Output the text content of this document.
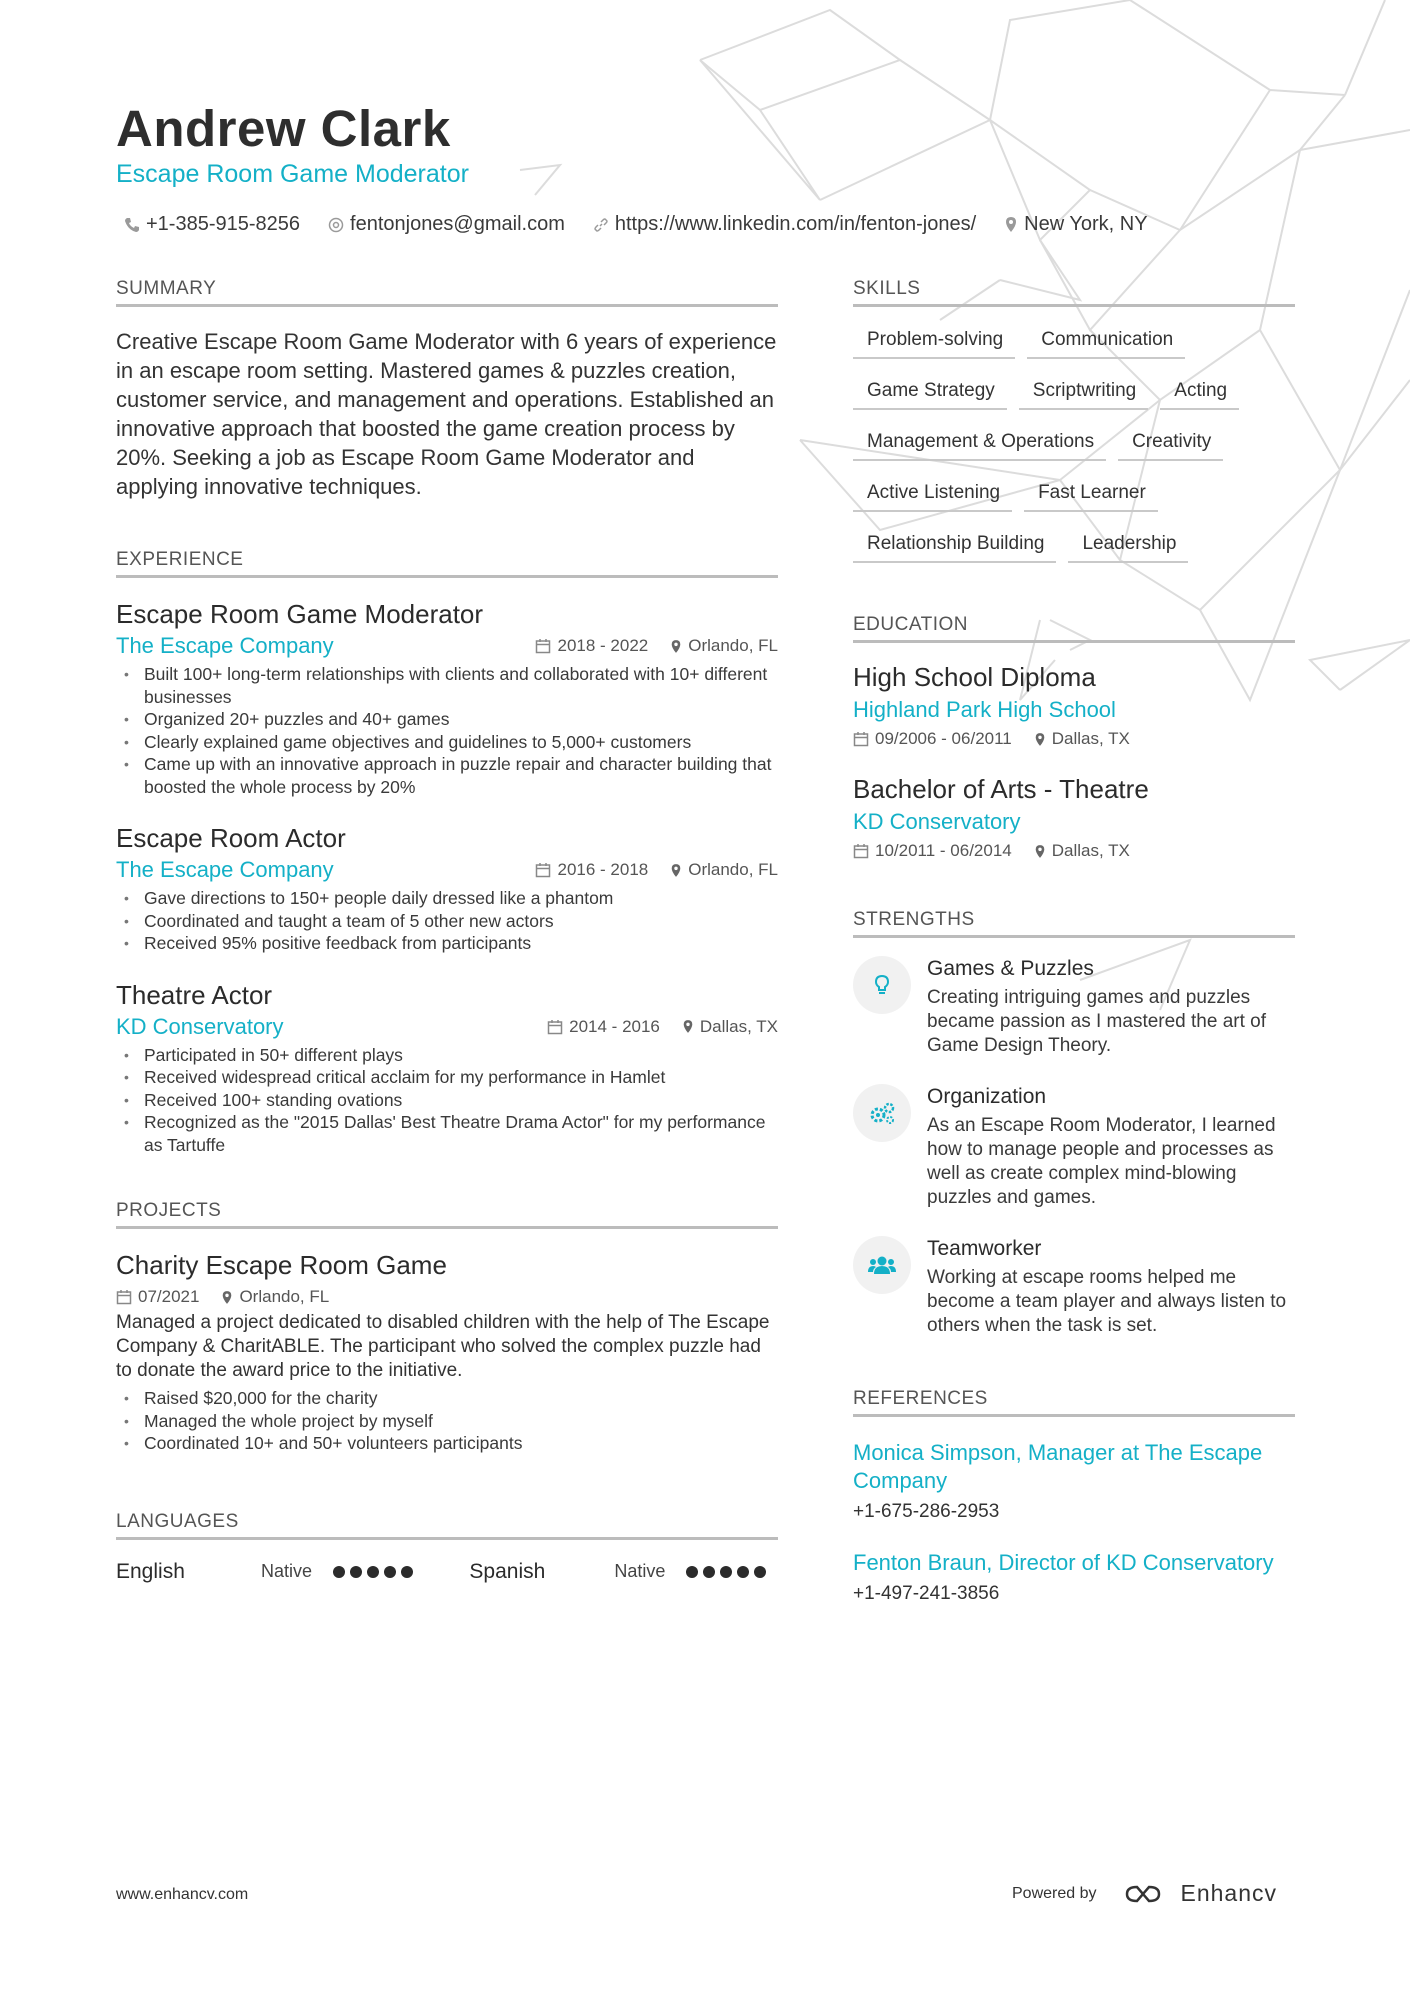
Andrew Clark
Escape Room Game Moderator
+1-385-915-8256	fentonjones@gmail.com	https://www.linkedin.com/in/fenton-jones/ New York, NY
SUMMARY
Creative Escape Room Game Moderator with 6 years of experience in an escape room setting. Mastered games & puzzles creation, customer service, and management and operations. Established an innovative approach that boosted the game creation process by 20%. Seeking a job as Escape Room Game Moderator and applying innovative techniques.
EXPERIENCE
Escape Room Game Moderator
The Escape Company	2018 - 2022 Orlando, FL
• Built 100+ long-term relationships with clients and collaborated with 10+ different businesses
• Organized 20+ puzzles and 40+ games
• Clearly explained game objectives and guidelines to 5,000+ customers
• Came up with an innovative approach in puzzle repair and character building that boosted the whole process by 20%
Escape Room Actor
The Escape Company	2016 - 2018 Orlando, FL
• Gave directions to 150+ people daily dressed like a phantom
• Coordinated and taught a team of 5 other new actors
• Received 95% positive feedback from participants
Theatre Actor
KD Conservatory	2014 - 2016 Dallas, TX
• Participated in 50+ different plays
• Received widespread critical acclaim for my performance in Hamlet
• Received 100+ standing ovations
• Recognized as the "2015 Dallas' Best Theatre Drama Actor" for my performance as Tartuffe
PROJECTS
Charity Escape Room Game
07/2021 Orlando, FL
Managed a project dedicated to disabled children with the help of The Escape Company & CharitABLE. The participant who solved the complex puzzle had to donate the award price to the initiative.
• Raised $20,000 for the charity
• Managed the whole project by myself
• Coordinated 10+ and 50+ volunteers participants
LANGUAGES
English	Native	Spanish	Native
SKILLS
Problem-solving	Communication
Game Strategy	Scriptwriting	Acting
Management & Operations	Creativity
Active Listening	Fast Learner
Relationship Building	Leadership
EDUCATION
High School Diploma
Highland Park High School
09/2006 - 06/2011 Dallas, TX
Bachelor of Arts - Theatre
KD Conservatory
10/2011 - 06/2014 Dallas, TX
STRENGTHS
Games & Puzzles
Creating intriguing games and puzzles became passion as I mastered the art of Game Design Theory.
Organization
As an Escape Room Moderator, I learned how to manage people and processes as well as create complex mind-blowing puzzles and games.
Teamworker
Working at escape rooms helped me become a team player and always listen to others when the task is set.
REFERENCES
Monica Simpson, Manager at The Escape Company
+1-675-286-2953
Fenton Braun, Director of KD Conservatory
+1-497-241-3856
www.enhancv.com	Powered by	Enhancv
